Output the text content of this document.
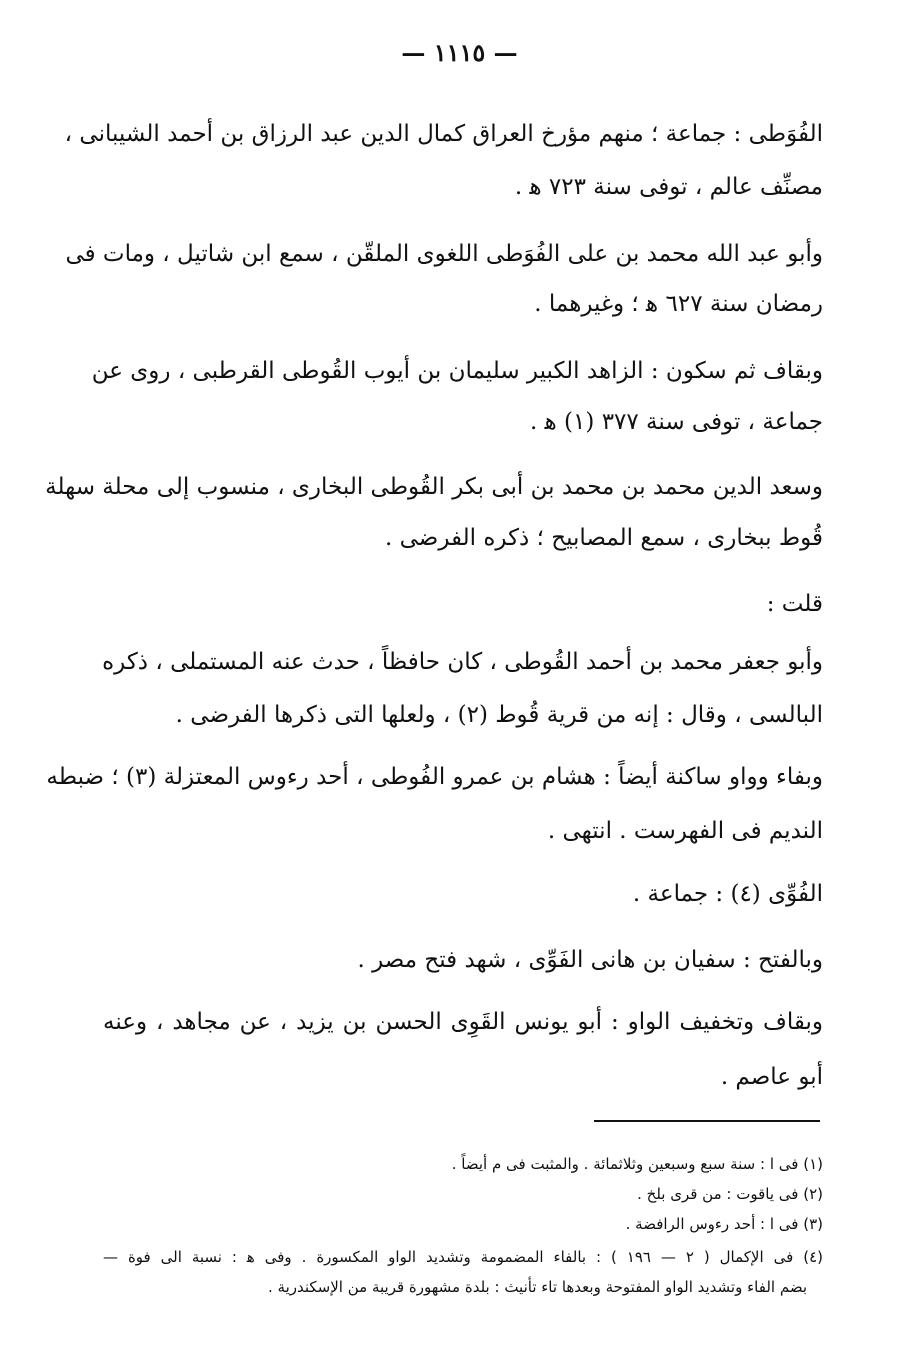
— ١١١٥ —
الفُوَطى : جماعة ؛ منهم مؤرخ العراق كمال الدين عبد الرزاق بن أحمد الشيبانى ،
مصنِّف عالم ، توفى سنة ٧٢٣ ﻫ .
وأبو عبد الله محمد بن على الفُوَطى اللغوى الملقّن ، سمع ابن شاتيل ، ومات فى
رمضان سنة ٦٢٧ ﻫ ؛ وغيرهما .
وبقاف ثم سكون : الزاهد الكبير سليمان بن أيوب القُوطى القرطبى ، روى عن
جماعة ، توفى سنة ٣٧٧ (١) ﻫ .
وسعد الدين محمد بن محمد بن أبى بكر القُوطى البخارى ، منسوب إلى محلة سهلة
قُوط ببخارى ، سمع المصابيح ؛ ذكره الفرضى .
قلت :
وأبو جعفر محمد بن أحمد القُوطى ، كان حافظاً ، حدث عنه المستملى ، ذكره
البالسى ، وقال : إنه من قرية قُوط (٢) ، ولعلها التى ذكرها الفرضى .
وبفاء وواو ساكنة أيضاً : هشام بن عمرو الفُوطى ، أحد رءوس المعتزلة (٣) ؛ ضبطه
النديم فى الفهرست . انتهى .
الفُوِّى (٤) : جماعة .
وبالفتح : سفيان بن هانى الفَوِّى ، شهد فتح مصر .
وبقاف وتخفيف الواو : أبو يونس القَوِى الحسن بن يزيد ، عن مجاهد ، وعنه
أبو عاصم .
(١) فى ا : سنة سبع وسبعين وثلاثمائة . والمثبت فى م أيضاً .
(٢) فى ياقوت : من قرى بلخ .
(٣) فى ا : أحد رءوس الرافضة .
(٤) فى الإكمال ( ٢ — ١٩٦ ) : بالفاء المضمومة وتشديد الواو المكسورة . وفى ﻫ : نسبة الى فوة —
بضم الفاء وتشديد الواو المفتوحة وبعدها تاء تأنيث : بلدة مشهورة قريبة من الإسكندرية .
